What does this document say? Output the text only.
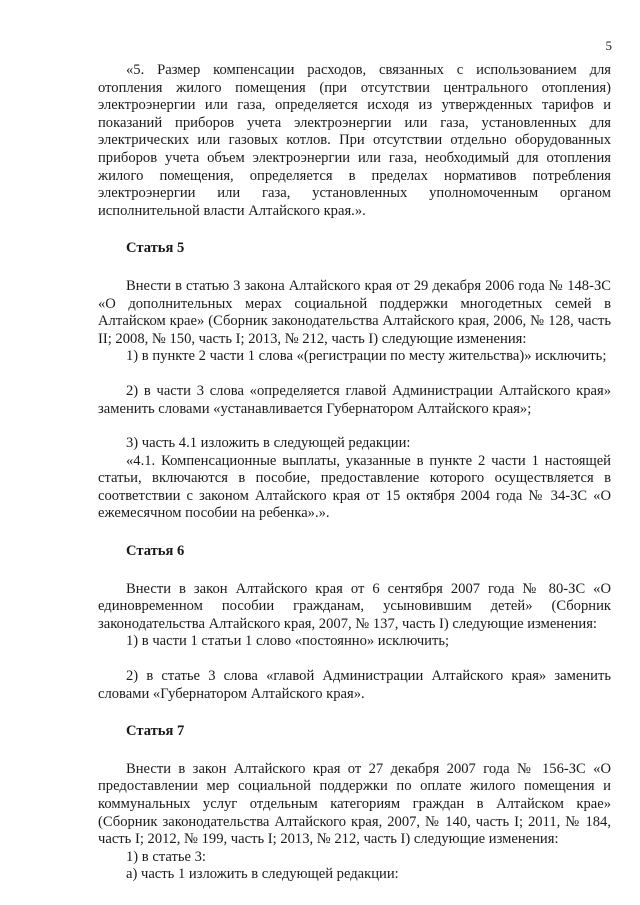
5

«5. Размер компенсации расходов, связанных с использованием для отопления жилого помещения (при отсутствии центрального отопления) электроэнергии или газа, определяется исходя из утвержденных тарифов и показаний приборов учета электроэнергии или газа, установленных для электрических или газовых котлов. При отсутствии отдельно оборудованных приборов учета объем электроэнергии или газа, необходимый для отопления жилого помещения, определяется в пределах нормативов потребления электроэнергии или газа, установленных уполномоченным органом исполнительной власти Алтайского края.».

Статья 5

Внести в статью 3 закона Алтайского края от 29 декабря 2006 года № 148-ЗС «О дополнительных мерах социальной поддержки многодетных семей в Алтайском крае» (Сборник законодательства Алтайского края, 2006, № 128, часть II; 2008, № 150, часть I; 2013, № 212, часть I) следующие изменения:

1) в пункте 2 части 1 слова «(регистрации по месту жительства)» исключить;

2) в части 3 слова «определяется главой Администрации Алтайского края» заменить словами «устанавливается Губернатором Алтайского края»;

3) часть 4.1 изложить в следующей редакции:

«4.1. Компенсационные выплаты, указанные в пункте 2 части 1 настоящей статьи, включаются в пособие, предоставление которого осуществляется в соответствии с законом Алтайского края от 15 октября 2004 года № 34-ЗС «О ежемесячном пособии на ребенка».».

Статья 6

Внести в закон Алтайского края от 6 сентября 2007 года № 80-ЗС «О единовременном пособии гражданам, усыновившим детей» (Сборник законодательства Алтайского края, 2007, № 137, часть I) следующие изменения:

1) в части 1 статьи 1 слово «постоянно» исключить;

2) в статье 3 слова «главой Администрации Алтайского края» заменить словами «Губернатором Алтайского края».

Статья 7

Внести в закон Алтайского края от 27 декабря 2007 года № 156-ЗС «О предоставлении мер социальной поддержки по оплате жилого помещения и коммунальных услуг отдельным категориям граждан в Алтайском крае» (Сборник законодательства Алтайского края, 2007, № 140, часть I; 2011, № 184, часть I; 2012, № 199, часть I; 2013, № 212, часть I) следующие изменения:

1) в статье 3:

а) часть 1 изложить в следующей редакции:
